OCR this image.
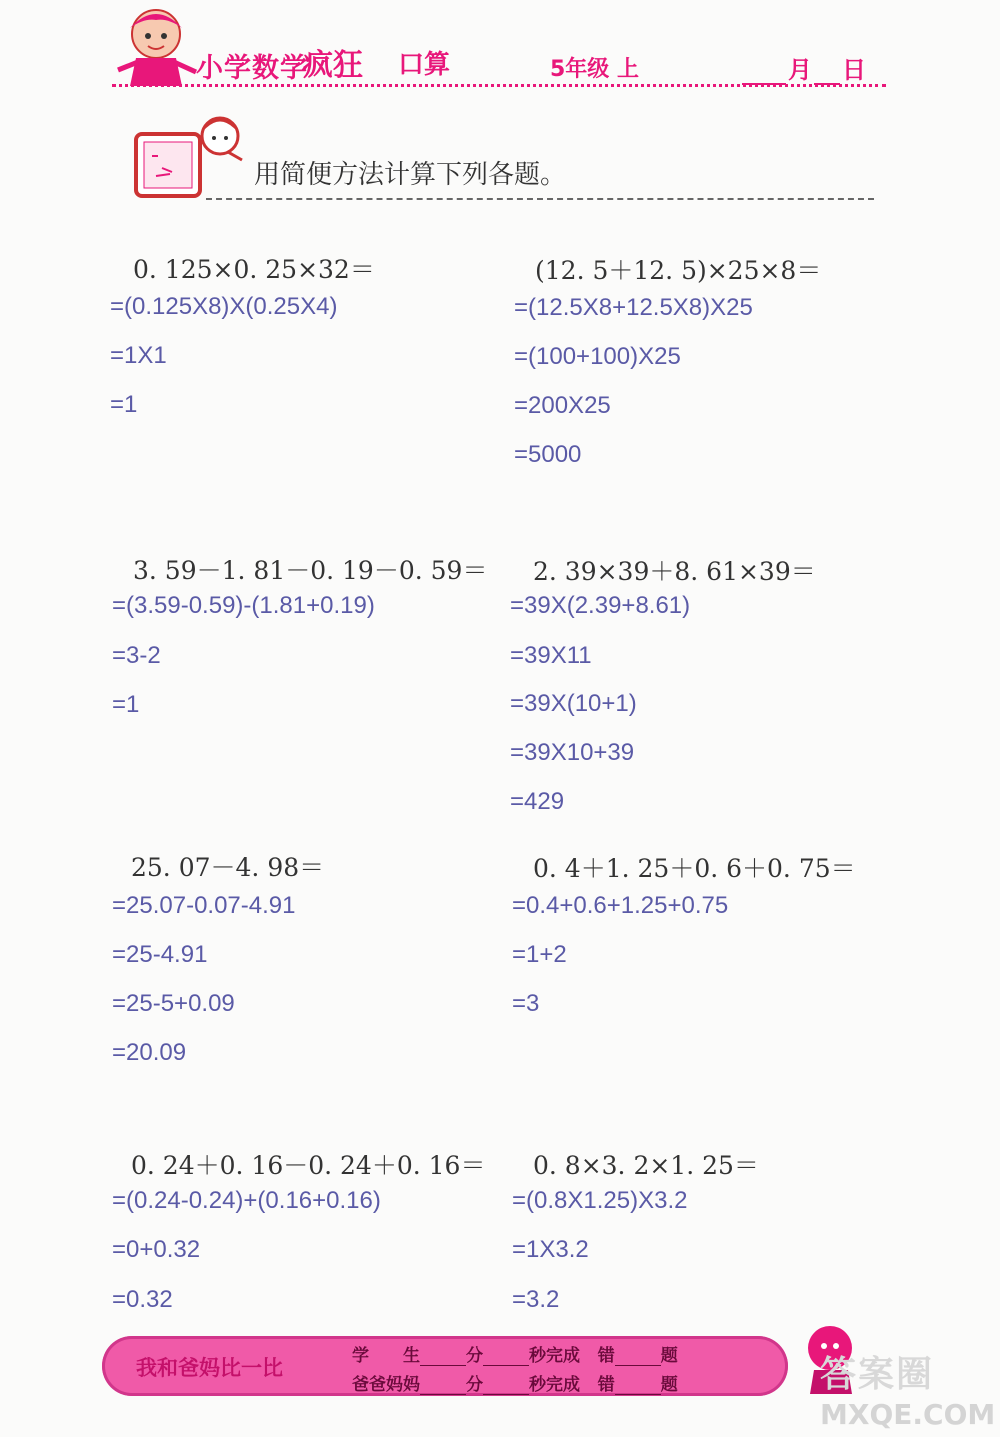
小学数学
疯狂 口算	5年级 上	月 日
用简便方法计算下列各题。
0. 125×0. 25×32＝
=(0.125X8)X(0.25X4)
=1X1
=1
(12. 5＋12. 5)×25×8＝
=(12.5X8+12.5X8)X25
=(100+100)X25
=200X25
=5000
3. 59－1. 81－0. 19－0. 59＝
=(3.59-0.59)-(1.81+0.19)
=3-2
=1
2. 39×39＋8. 61×39＝
=39X(2.39+8.61)
=39X11
=39X(10+1)
=39X10+39
=429
25. 07－4. 98＝
=25.07-0.07-4.91
=25-4.91
=25-5+0.09
=20.09
0. 4＋1. 25＋0. 6＋0. 75＝
=0.4+0.6+1.25+0.75
=1+2
=3
0. 24＋0. 16－0. 24＋0. 16＝
=(0.24-0.24)+(0.16+0.16)
=0+0.32
=0.32
0. 8×3. 2×1. 25＝
=(0.8X1.25)X3.2
=1X3.2
=3.2
我和爸妈比一比	学　　生	分	秒完成 错	题
爸爸妈妈	分	秒完成 错	题	答案圈
MXQE.COM
